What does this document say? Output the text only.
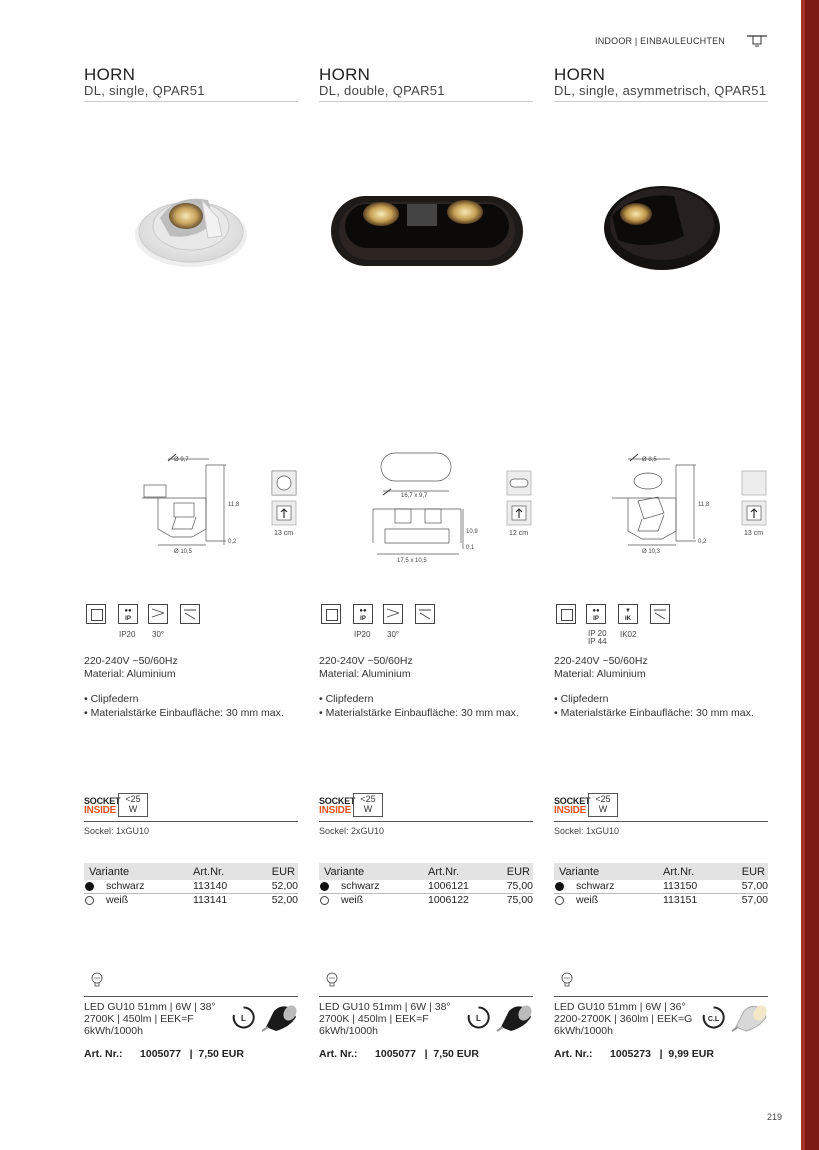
INDOOR | EINBAULEUCHTEN
HORN
DL, single, QPAR51
Ø 9,7
11,8
0,2
Ø 10,5
13 cm
●●
IP
IP20 30°
220-240V ~50/60Hz
Material: Aluminium
• Clipfedern
• Materialstärke Einbaufläche: 30 mm max.
SOCKET
INSIDE
<25
W
Sockel: 1xGU10
Variante	Art.Nr.	EUR
schwarz	113140	52,00
weiß	113141	52,00
LED GU10 51mm | 6W | 38°
2700K | 450lm | EEK=F
6kWh/1000h
L
Art. Nr.: 1005077   |  7,50 EUR
HORN
DL, double, QPAR51
16,7 x 9,7
10,9
0,1
17,5 x 10,5
12 cm
●●
IP
IP20 30°
220-240V ~50/60Hz
Material: Aluminium
• Clipfedern
• Materialstärke Einbaufläche: 30 mm max.
SOCKET
INSIDE
<25
W
Sockel: 2xGU10
Variante	Art.Nr.	EUR
schwarz	1006121	75,00
weiß	1006122	75,00
LED GU10 51mm | 6W | 38°
2700K | 450lm | EEK=F
6kWh/1000h
L
Art. Nr.: 1005077   |  7,50 EUR
HORN
DL, single, asymmetrisch, QPAR51
Ø 8,5
11,8
0,2
Ø 10,3
13 cm
●●
IP
▼
IK
IP 20
IP 44
IK02
220-240V ~50/60Hz
Material: Aluminium
• Clipfedern
• Materialstärke Einbaufläche: 30 mm max.
SOCKET
INSIDE
<25
W
Sockel: 1xGU10
Variante	Art.Nr.	EUR
schwarz	113150	57,00
weiß	113151	57,00
LED GU10 51mm | 6W | 36°
2200-2700K | 360lm | EEK=G
6kWh/1000h
C.L
Art. Nr.: 1005273   |  9,99 EUR
219
